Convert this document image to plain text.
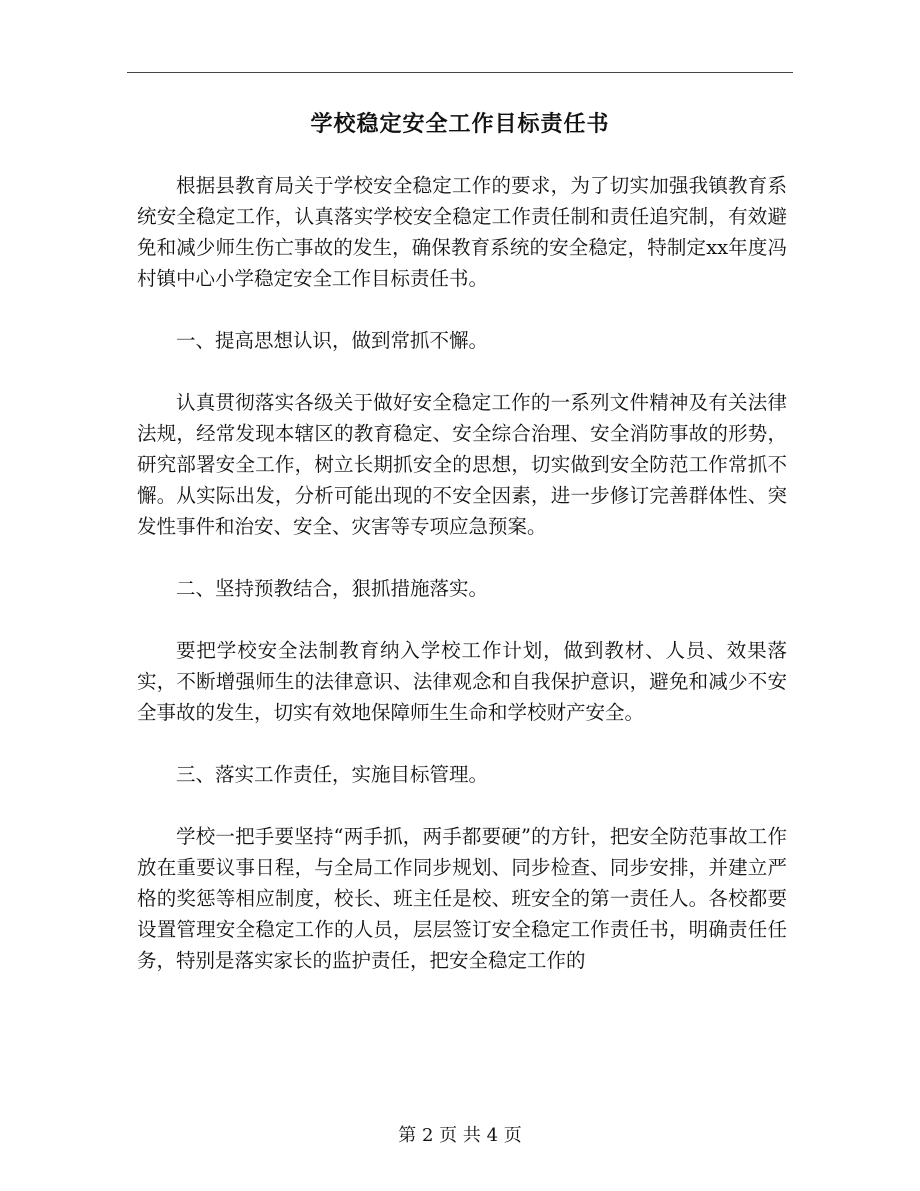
学校稳定安全工作目标责任书

根据县教育局关于学校安全稳定工作的要求，为了切实加强我镇教育系统安全稳定工作，认真落实学校安全稳定工作责任制和责任追究制，有效避免和减少师生伤亡事故的发生，确保教育系统的安全稳定，特制定xx年度冯村镇中心小学稳定安全工作目标责任书。

一、提高思想认识，做到常抓不懈。

认真贯彻落实各级关于做好安全稳定工作的一系列文件精神及有关法律法规，经常发现本辖区的教育稳定、安全综合治理、安全消防事故的形势，研究部署安全工作，树立长期抓安全的思想，切实做到安全防范工作常抓不懈。从实际出发，分析可能出现的不安全因素，进一步修订完善群体性、突发性事件和治安、安全、灾害等专项应急预案。

二、坚持预教结合，狠抓措施落实。

要把学校安全法制教育纳入学校工作计划，做到教材、人员、效果落实，不断增强师生的法律意识、法律观念和自我保护意识，避免和减少不安全事故的发生，切实有效地保障师生生命和学校财产安全。

三、落实工作责任，实施目标管理。

学校一把手要坚持“两手抓，两手都要硬”的方针，把安全防范事故工作放在重要议事日程，与全局工作同步规划、同步检查、同步安排，并建立严格的奖惩等相应制度，校长、班主任是校、班安全的第一责任人。各校都要设置管理安全稳定工作的人员，层层签订安全稳定工作责任书，明确责任任务，特别是落实家长的监护责任，把安全稳定工作的

第 2 页 共 4 页
